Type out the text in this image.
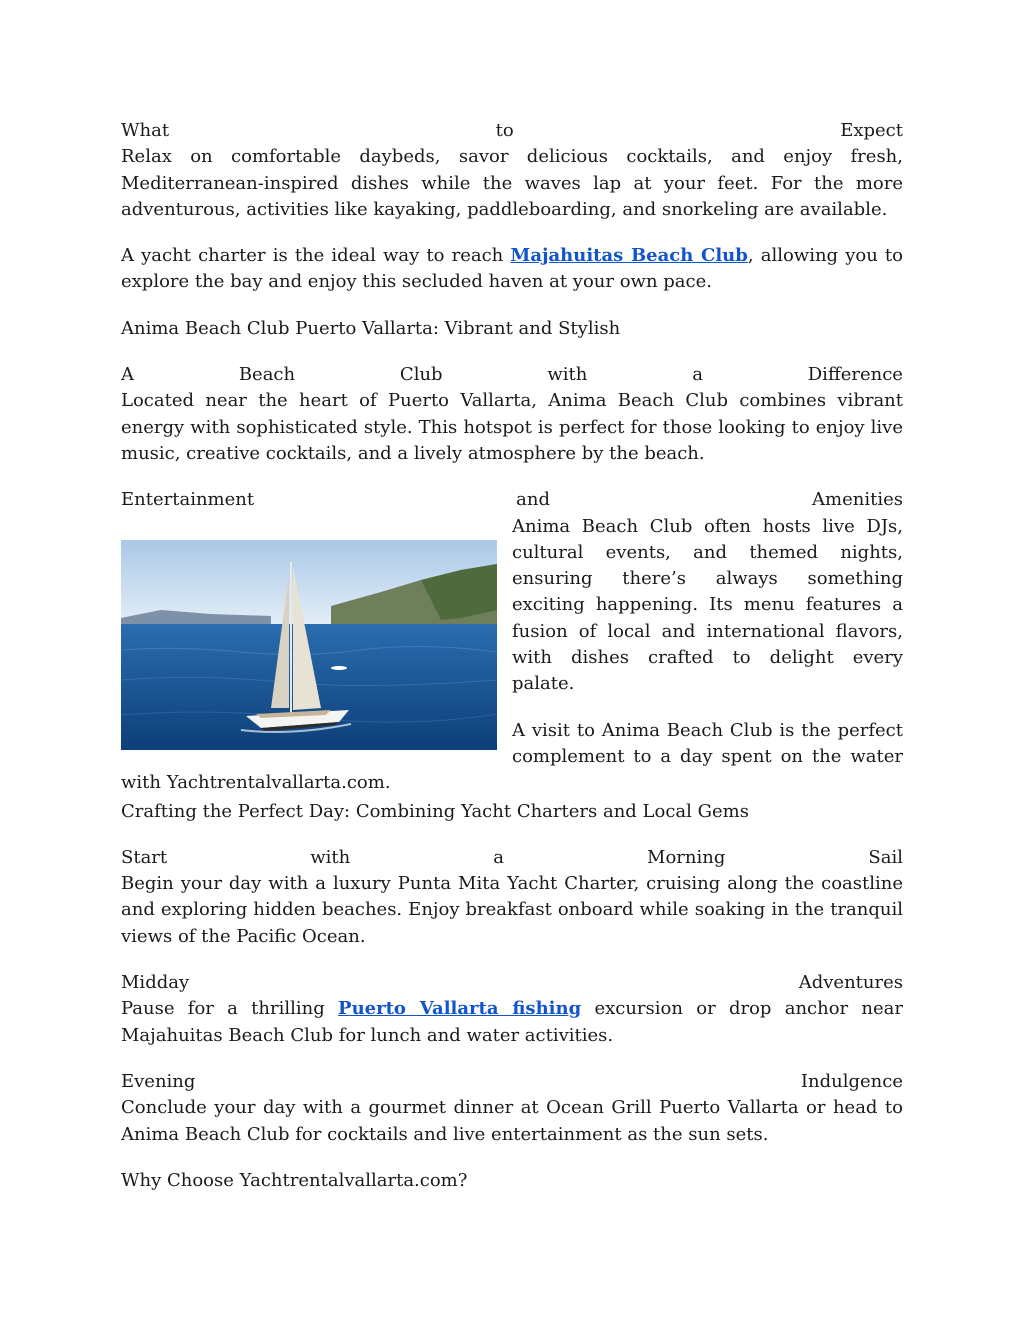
What	to	Expect

Relax on comfortable daybeds, savor delicious cocktails, and enjoy fresh, Mediterranean-inspired dishes while the waves lap at your feet. For the more adventurous, activities like kayaking, paddleboarding, and snorkeling are available.

A yacht charter is the ideal way to reach Majahuitas Beach Club, allowing you to explore the bay and enjoy this secluded haven at your own pace.

Anima Beach Club Puerto Vallarta: Vibrant and Stylish

A	Beach	Club	with	a	Difference

Located near the heart of Puerto Vallarta, Anima Beach Club combines vibrant energy with sophisticated style. This hotspot is perfect for those looking to enjoy live music, creative cocktails, and a lively atmosphere by the beach.

Entertainment	and	Amenities

Anima Beach Club often hosts live DJs, cultural events, and themed nights, ensuring there’s always something exciting happening. Its menu features a fusion of local and international flavors, with dishes crafted to delight every palate.

A visit to Anima Beach Club is the perfect complement to a day spent on the water with Yachtrentalvallarta.com.

Crafting the Perfect Day: Combining Yacht Charters and Local Gems

Start	with	a	Morning	Sail

Begin your day with a luxury Punta Mita Yacht Charter, cruising along the coastline and exploring hidden beaches. Enjoy breakfast onboard while soaking in the tranquil views of the Pacific Ocean.

Midday	Adventures

Pause for a thrilling Puerto Vallarta fishing excursion or drop anchor near Majahuitas Beach Club for lunch and water activities.

Evening	Indulgence

Conclude your day with a gourmet dinner at Ocean Grill Puerto Vallarta or head to Anima Beach Club for cocktails and live entertainment as the sun sets.

Why Choose Yachtrentalvallarta.com?
